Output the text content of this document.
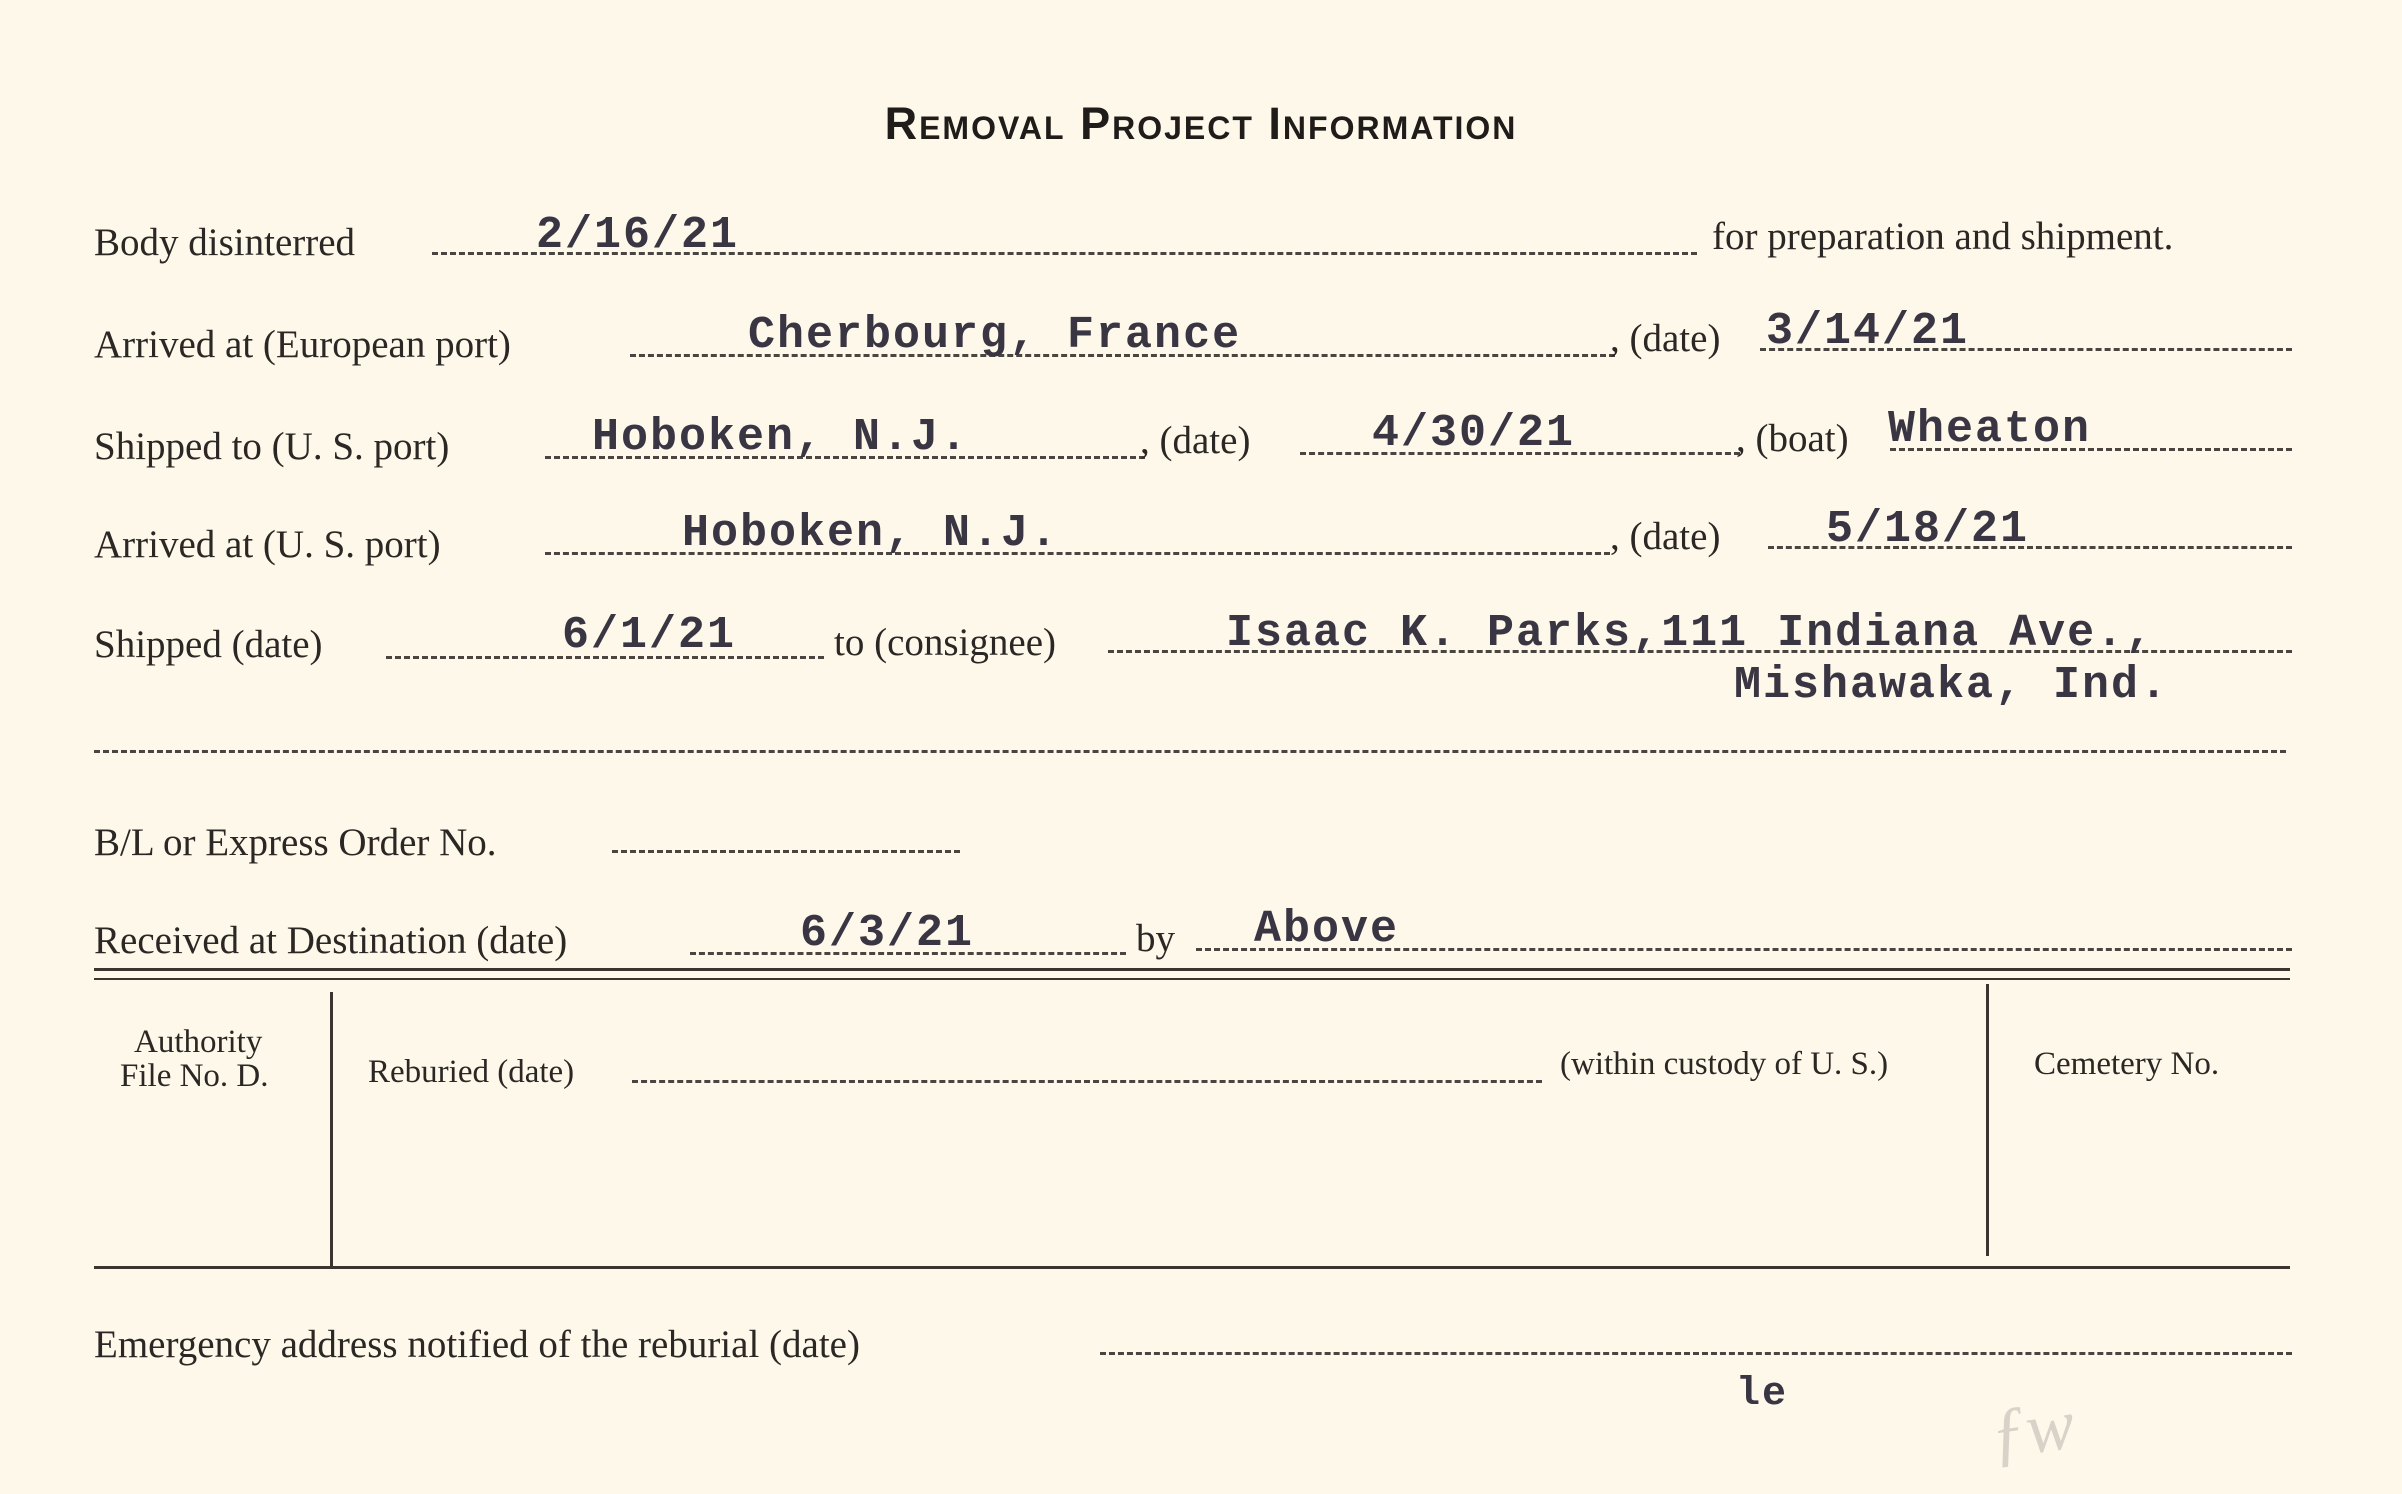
Removal Project Information
Body disinterred	2/16/21	for preparation and shipment.
Arrived at (European port)	Cherbourg, France	, (date) 3/14/21
Shipped to (U. S. port)	Hoboken, N.J.	, (date)	4/30/21	, (boat) Wheaton
Arrived at (U. S. port)	Hoboken, N.J.	, (date) 5/18/21
Shipped (date)	6/1/21	to (consignee)	Isaac K. Parks,111 Indiana Ave.,
Mishawaka, Ind.
B/L or Express Order No.
Received at Destination (date)	6/3/21	by Above
Authority
File No. D.	Reburied (date)	(within custody of U. S.)	Cemetery No.
Emergency address notified of the reburial (date)
le	ƒw
